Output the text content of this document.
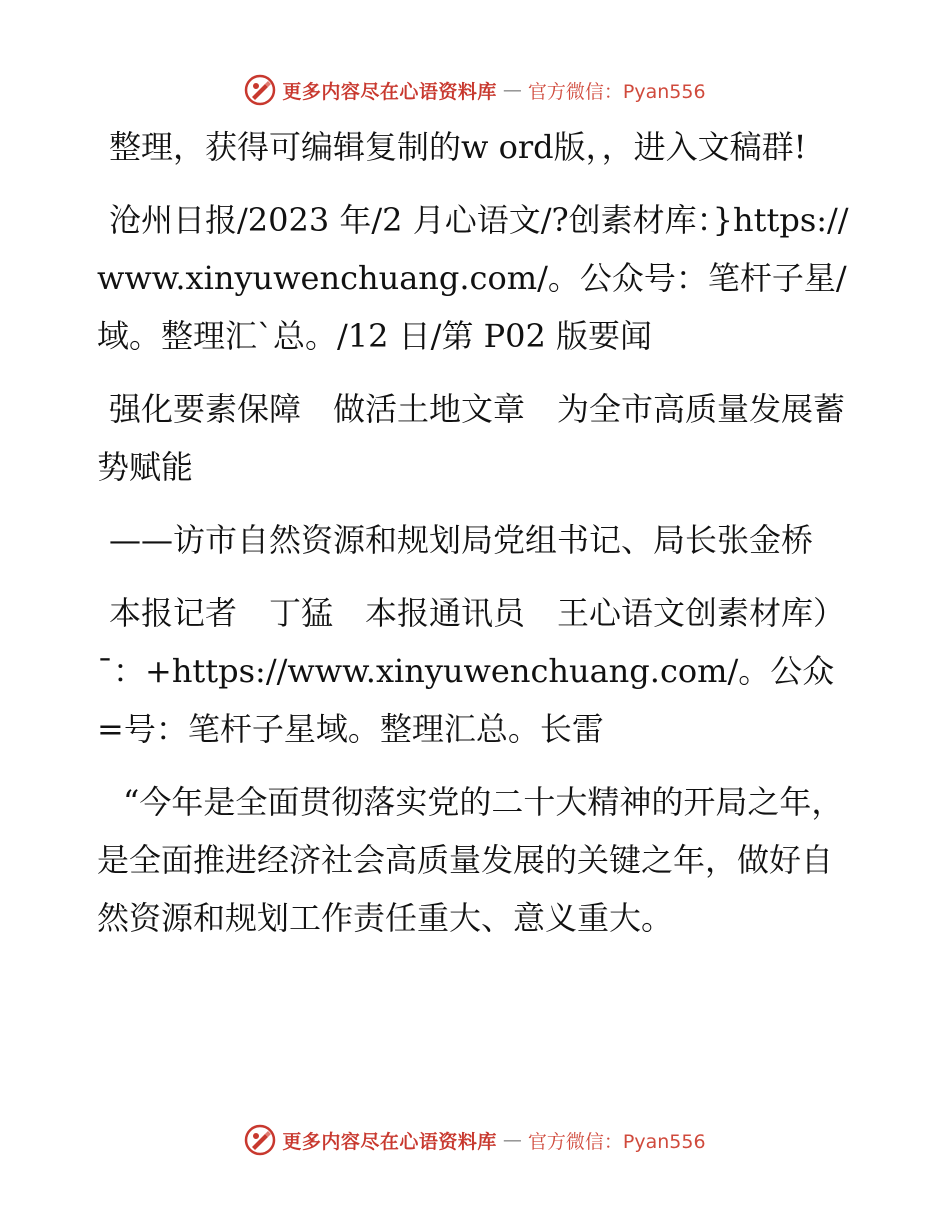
更多内容尽在心语资料库 — 官方微信：Pyan556

整理，获得可编辑复制的w ord版，，进入文稿群!

沧州日报/2023 年/2 月心语文/?创素材库：}https://www.xinyuwenchuang.com/。公众号：笔杆子星/域。整理汇`总。/12 日/第 P02 版要闻

强化要素保障　做活土地文章　为全市高质量发展蓄势赋能

——访市自然资源和规划局党组书记、局长张金桥

本报记者　丁猛　本报通讯员　王心语文创素材库）¯：+https://www.xinyuwenchuang.com/。公众=号：笔杆子星域。整理汇总。长雷

“今年是全面贯彻落实党的二十大精神的开局之年，是全面推进经济社会高质量发展的关键之年，做好自然资源和规划工作责任重大、意义重大。

更多内容尽在心语资料库 — 官方微信：Pyan556
